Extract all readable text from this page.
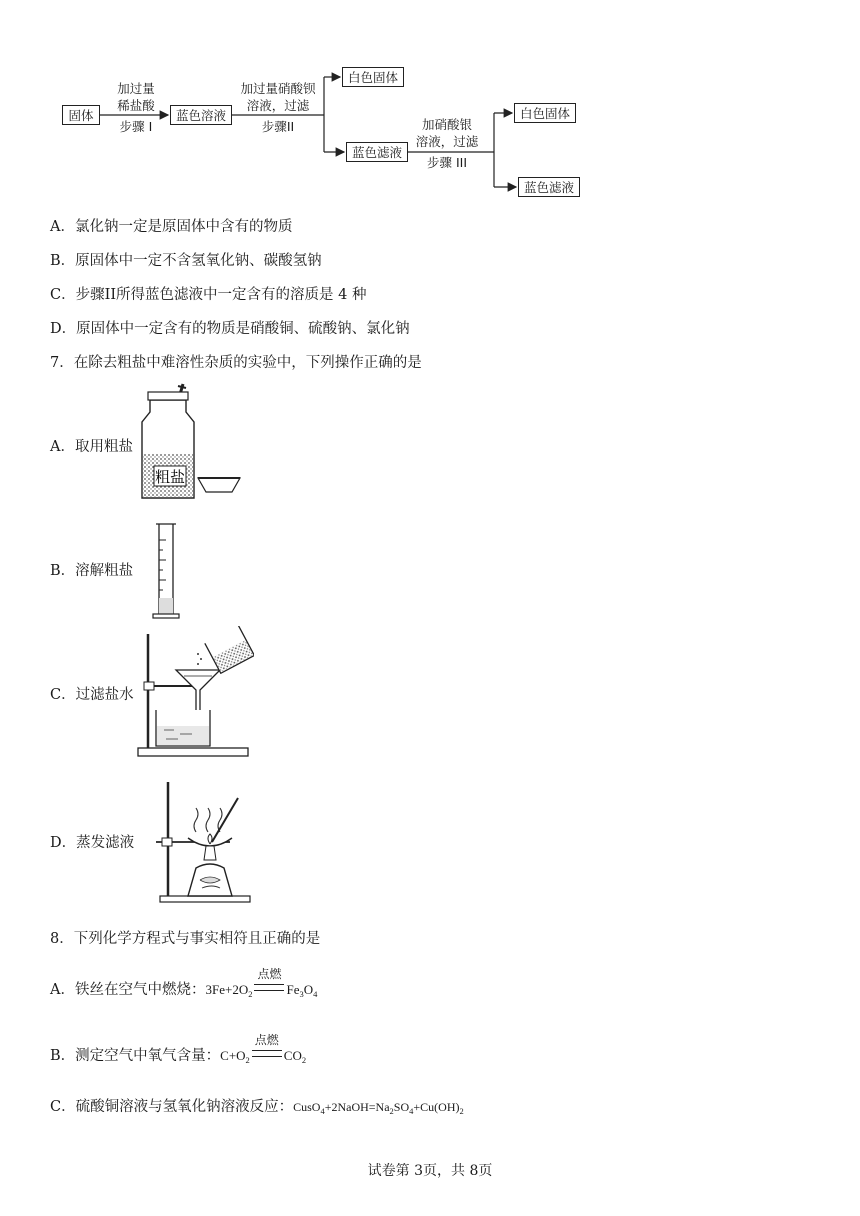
固体
加过量
稀盐酸
步骤 I
蓝色溶液
加过量硝酸钡
溶液，过滤
步骤II
白色固体
蓝色滤液
加硝酸银
溶液，过滤
步骤 III
白色固体
蓝色滤液
A．氯化钠一定是原固体中含有的物质
B．原固体中一定不含氢氧化钠、碳酸氢钠
C．步骤II所得蓝色滤液中一定含有的溶质是 4 种
D．原固体中一定含有的物质是硝酸铜、硫酸钠、氯化钠
7．在除去粗盐中难溶性杂质的实验中，下列操作正确的是
A．取用粗盐
粗盐
B．溶解粗盐
C．过滤盐水
D．蒸发滤液
8．下列化学方程式与事实相符且正确的是
A．铁丝在空气中燃烧：$3Fe+2O_2$
点燃
$Fe_3O_4$
B．测定空气中氧气含量：$C+O_2$
点燃
$CO_2$
C．硫酸铜溶液与氢氧化钠溶液反应：$CusO_4+2NaOH=Na_2SO_4+Cu(OH)_2$
试卷第 3页，共 8页
